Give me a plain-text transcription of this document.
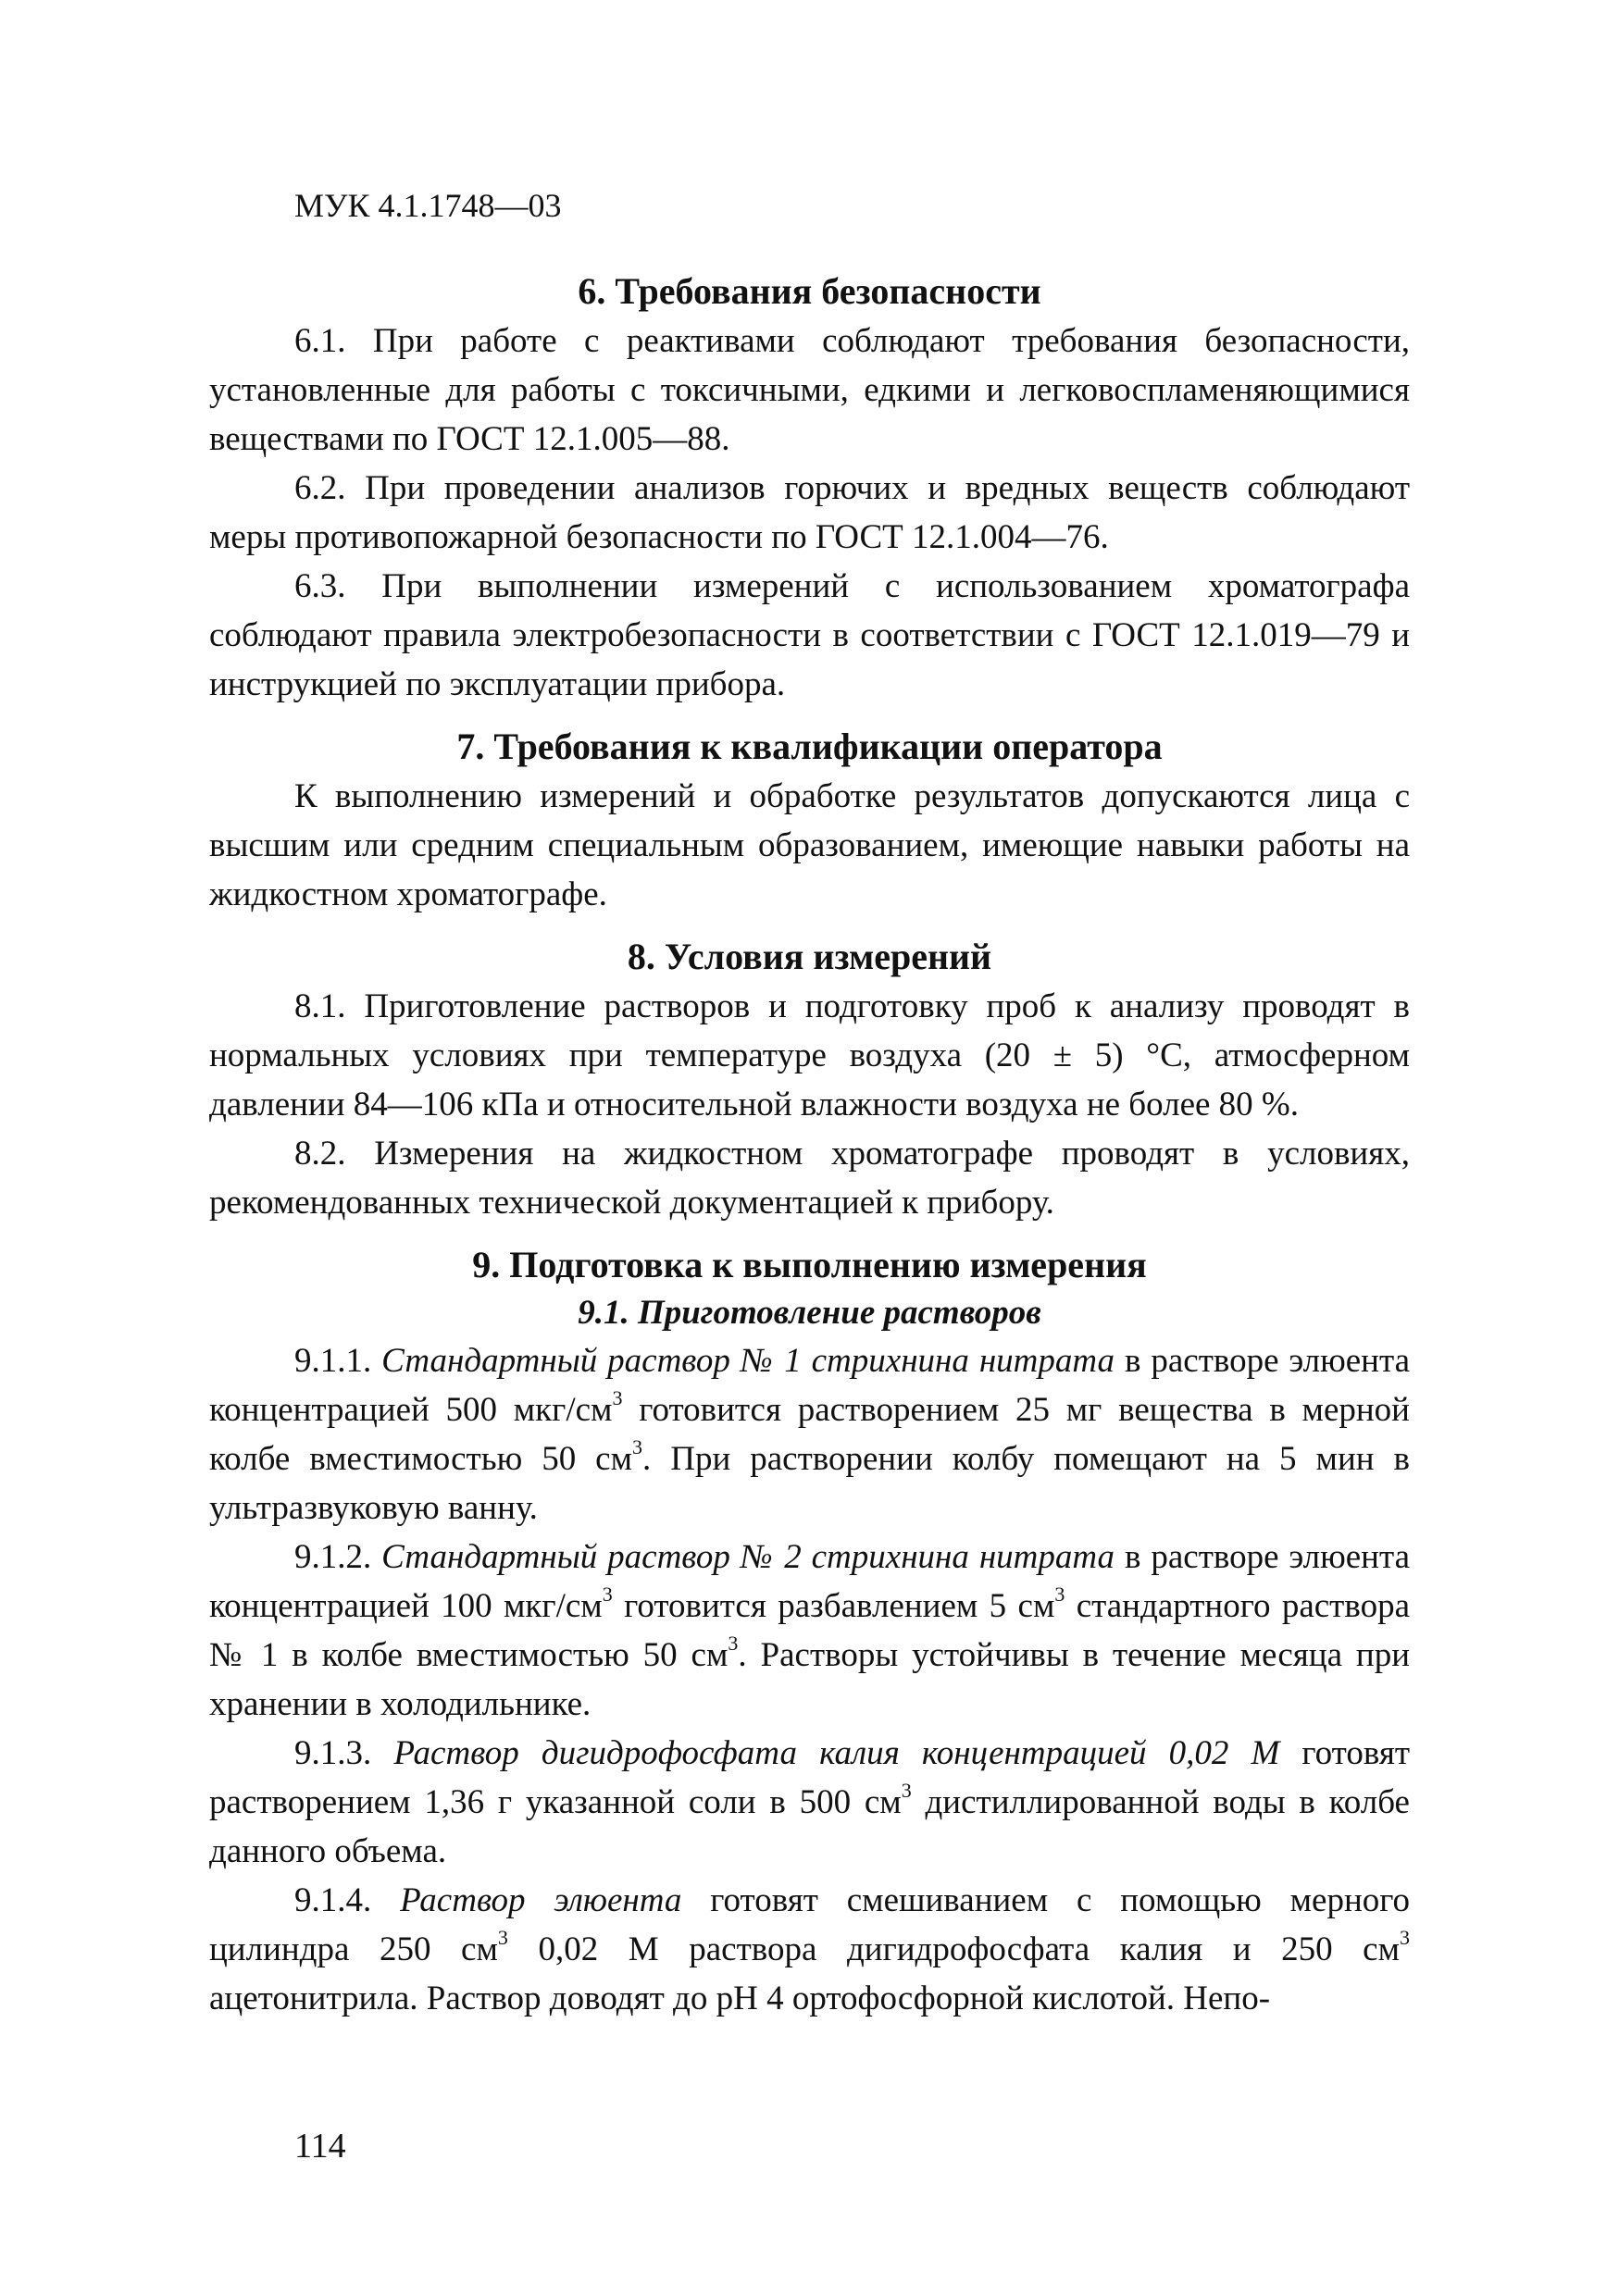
МУК 4.1.1748—03

6. Требования безопасности

6.1. При работе с реактивами соблюдают требования безопасности, установленные для работы с токсичными, едкими и легковоспламеняющимися веществами по ГОСТ 12.1.005—88.

6.2. При проведении анализов горючих и вредных веществ соблюдают меры противопожарной безопасности по ГОСТ 12.1.004—76.

6.3. При выполнении измерений с использованием хроматографа соблюдают правила электробезопасности в соответствии с ГОСТ 12.1.019—79 и инструкцией по эксплуатации прибора.

7. Требования к квалификации оператора

К выполнению измерений и обработке результатов допускаются лица с высшим или средним специальным образованием, имеющие навыки работы на жидкостном хроматографе.

8. Условия измерений

8.1. Приготовление растворов и подготовку проб к анализу проводят в нормальных условиях при температуре воздуха (20 ± 5) °С, атмосферном давлении 84—106 кПа и относительной влажности воздуха не более 80 %.

8.2. Измерения на жидкостном хроматографе проводят в условиях, рекомендованных технической документацией к прибору.

9. Подготовка к выполнению измерения
9.1. Приготовление растворов

9.1.1. Стандартный раствор № 1 стрихнина нитрата в растворе элюента концентрацией 500 мкг/$см^3$ готовится растворением 25 мг вещества в мерной колбе вместимостью 50 $см^3$. При растворении колбу помещают на 5 мин в ультразвуковую ванну.

9.1.2. Стандартный раствор № 2 стрихнина нитрата в растворе элюента концентрацией 100 мкг/$см^3$ готовится разбавлением 5 $см^3$ стандартного раствора № 1 в колбе вместимостью 50 $см^3$. Растворы устойчивы в течение месяца при хранении в холодильнике.

9.1.3. Раствор дигидрофосфата калия концентрацией 0,02 М готовят растворением 1,36 г указанной соли в 500 $см^3$ дистиллированной воды в колбе данного объема.

9.1.4. Раствор элюента готовят смешиванием с помощью мерного цилиндра 250 $см^3$ 0,02 М раствора дигидрофосфата калия и 250 $см^3$ ацетонитрила. Раствор доводят до рН 4 ортофосфорной кислотой. Непо-

114
